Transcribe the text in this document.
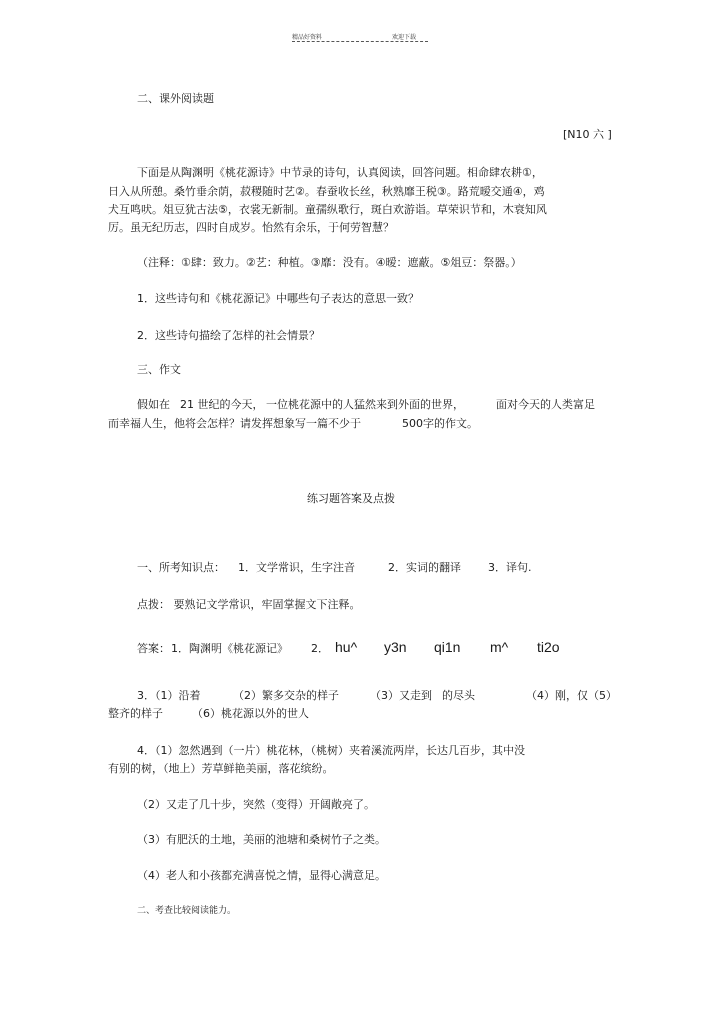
精品好资料	欢迎下载
二、课外阅读题
[N10 六 ]
下面是从陶渊明《桃花源诗》中节录的诗句，认真阅读，回答问题。相命肆农耕①，
日入从所憩。桑竹垂余荫，菽稷随时艺②。春蚕收长丝，秋熟靡王税③。路荒暧交通④，鸡
犬互鸣吠。俎豆犹古法⑤，衣裳无新制。童孺纵歌行，斑白欢游诣。草荣识节和，木衰知风
厉。虽无纪历志，四时自成岁。怡然有余乐，于何劳智慧？
（注释：①肆：致力。②艺：种植。③靡：没有。④暧：遮蔽。⑤俎豆：祭器。）
1．这些诗句和《桃花源记》中哪些句子表达的意思一致？
2．这些诗句描绘了怎样的社会情景？
三、作文
假如在 21 世纪的今天， 一位桃花源中的人猛然来到外面的世界，	面对今天的人类富足
而幸福人生，他将会怎样？请发挥想象写一篇不少于	500字的作文。
练习题答案及点拨
一、所考知识点： 1．文学常识，生字注音	2．实词的翻译 3．译句.
点拨： 要熟记文学常识，牢固掌握文下注释。
答案： 1．陶渊明《桃花源记》 2． hu^ y3n qi1n m^ ti2o
3．（1）沿着	（2）繁多交杂的样子	（3）又走到 的尽头	（4）刚，仅（5）
整齐的样子	（6）桃花源以外的世人
4．（1）忽然遇到（一片）桃花林，（桃树）夹着溪流两岸，长达几百步，其中没
有别的树，（地上）芳草鲜艳美丽，落花缤纷。
（2）又走了几十步，突然（变得）开阔敞亮了。
（3）有肥沃的土地，美丽的池塘和桑树竹子之类。
（4）老人和小孩都充满喜悦之情，显得心满意足。
二、考查比较阅读能力。
